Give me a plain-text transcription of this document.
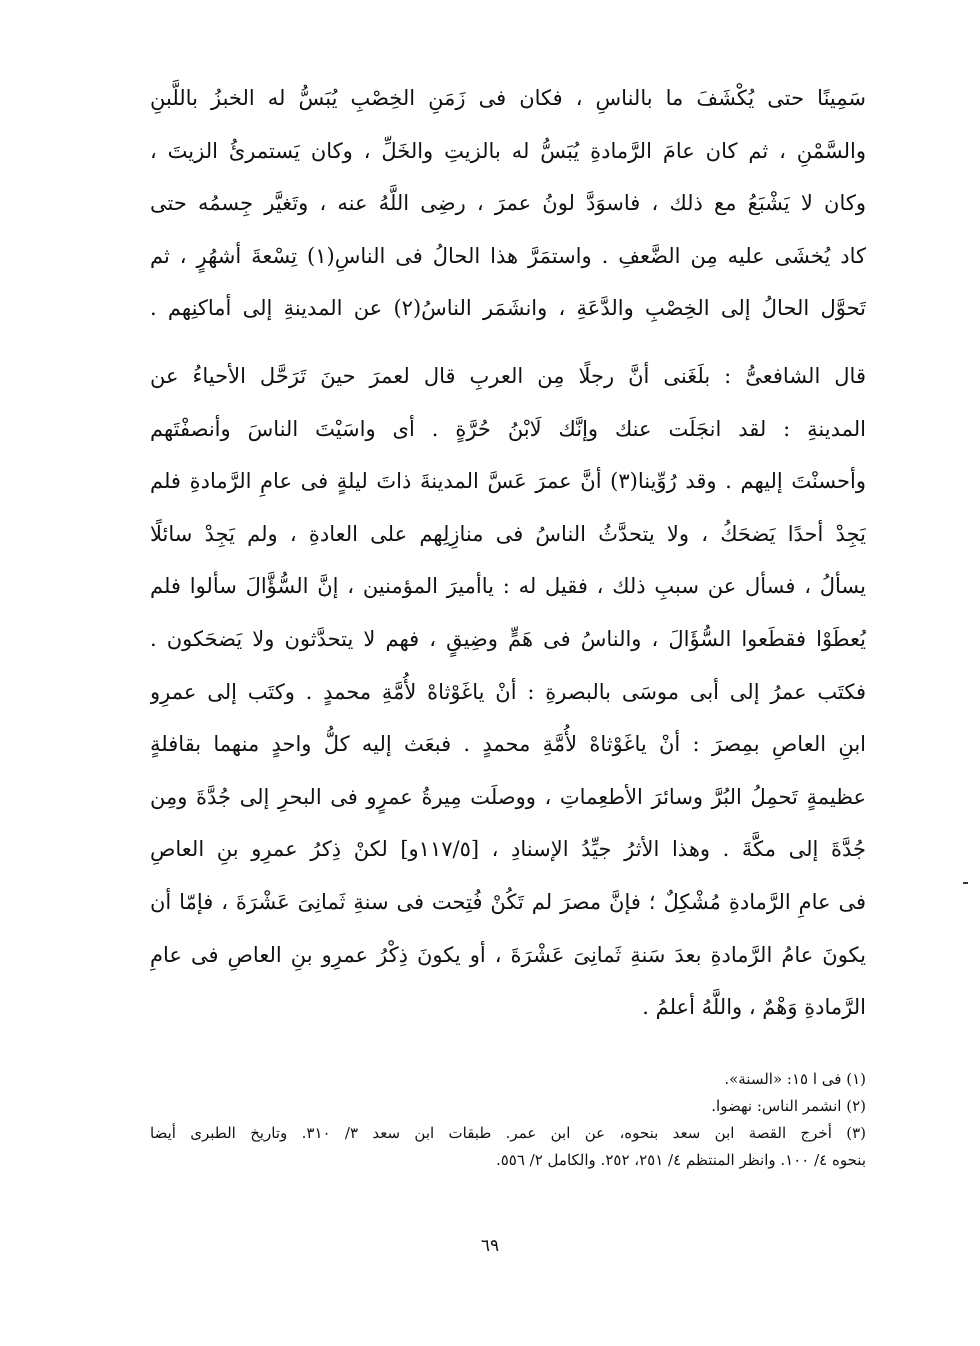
سَمِينًا حتى يُكْشَفَ ما بالناسِ ، فكان فى زَمَنِ الخِصْبِ يُبَسُّ له الخبزُ باللَّبنِ
والسَّمْنِ ، ثم كان عامَ الرَّمادةِ يُبَسُّ له بالزيتِ والخَلِّ ، وكان يَستمرئُ الزيتَ ،
وكان لا يَشْبَعُ مع ذلك ، فاسوَدَّ لونُ عمرَ ، رضِى اللَّهُ عنه ، وتَغيَّر جِسمُه حتى
كاد يُخشَى عليه مِن الضَّعفِ . واستمَرَّ هذا الحالُ فى الناسِ(١) تِسْعةَ أشهُرٍ ، ثم
تَحوَّل الحالُ إلى الخِصْبِ والدَّعَةِ ، وانشَمَر الناسُ(٢) عن المدينةِ إلى أماكنِهم .
قال الشافعىُّ : بلَغَنى أنَّ رجلًا مِن العربِ قال لعمرَ حينَ تَرَحَّل الأحياءُ عن
المدينةِ : لقد انجَلَت عنك وإنَّك لَابْنُ حُرَّةٍ . أى واسَيْتَ الناسَ وأنصفْتَهم
وأحسنْتَ إليهم . وقد رُوِّينا(٣) أنَّ عمرَ عَسَّ المدينةَ ذاتَ ليلةٍ فى عامِ الرَّمادةِ فلم
يَجِدْ أحدًا يَضحَكُ ، ولا يتحدَّثُ الناسُ فى منازِلِهم على العادةِ ، ولم يَجِدْ سائلًا
يسألُ ، فسأل عن سببِ ذلك ، فقيل له : ياأميرَ المؤمنين ، إنَّ السُّؤَّالَ سألوا فلم
يُعطَوْا فقطَعوا السُّؤَالَ ، والناسُ فى هَمٍّ وضِيقٍ ، فهم لا يتحدَّثون ولا يَضحَكون .
فكتَب عمرُ إلى أبى موسَى بالبصرةِ : أنْ ياغَوْثاهْ لأُمَّةِ محمدٍ . وكتَب إلى عمرِو
ابنِ العاصِ بمِصرَ : أنْ ياغَوْثاهْ لأُمَّةِ محمدٍ . فبعَث إليه كلُّ واحدٍ منهما بقافلةٍ
عظيمةٍ تَحمِلُ البُرَّ وسائرَ الأطعِماتِ ، ووصلَت مِيرةُ عمرٍو فى البحرِ إلى جُدَّةَ ومِن
جُدَّةَ إلى مكَّةَ . وهذا الأثرُ جيِّدُ الإسنادِ ، [١١٧/٥و] لكنْ ذِكرُ عمرِو بنِ العاصِ
فى عامِ الرَّمادةِ مُشْكِلٌ ؛ فإنَّ مصرَ لم تَكُنْ فُتِحت فى سنةِ ثَمانِىَ عَشْرَةَ ، فإمّا أن
يكونَ عامُ الرَّمادةِ بعدَ سَنةِ ثَمانِىَ عَشْرَةَ ، أو يكونَ ذِكْرُ عمرِو بنِ العاصِ فى عامِ
الرَّمادةِ وَهْمٌ ، واللَّهُ أعلمُ .
(١) فى ا ١٥: «السنة».
(٢) انشمر الناس: نهضوا.
(٣) أخرج القصة ابن سعد بنحوه، عن ابن عمر. طبقات ابن سعد ٣/ ٣١٠. وتاريخ الطبرى أيضا
بنحوه ٤/ ١٠٠. وانظر المنتظم ٤/ ٢٥١، ٢٥٢. والكامل ٢/ ٥٥٦.
٦٩
